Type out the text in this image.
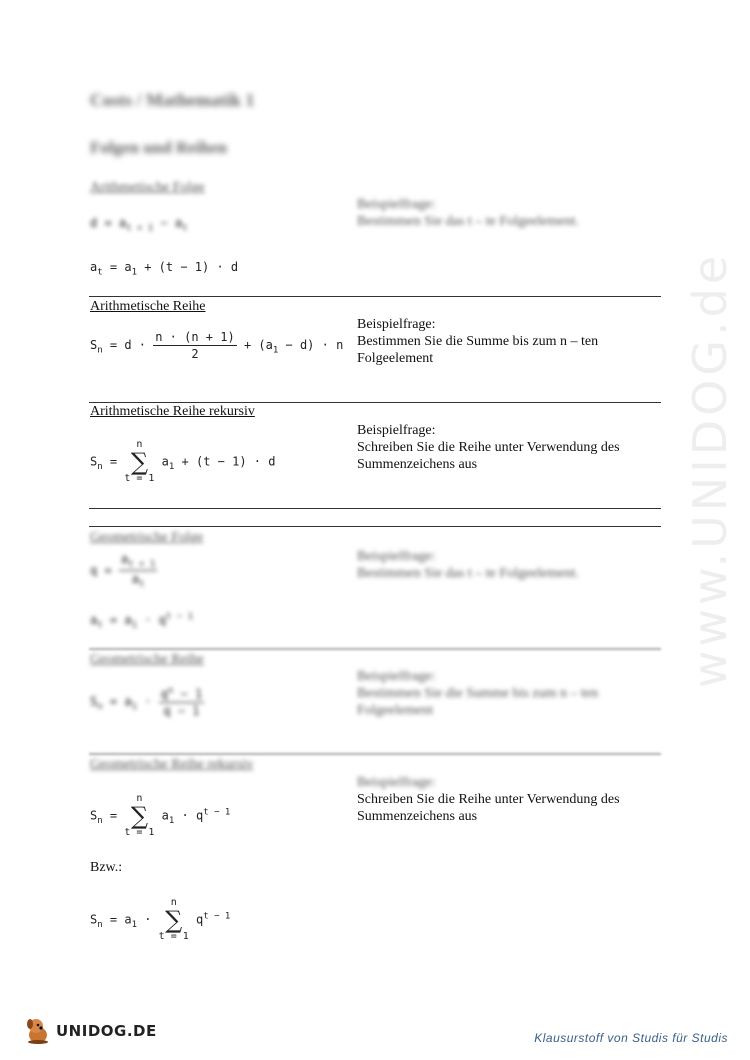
www.UNIDOG.de
Costs / Mathematik 1
Folgen und Reihen
Arithmetische Folge
Beispielfrage:
Bestimmen Sie das t – te Folgeelement.
$d = a_{t + 1} - a_t$
$a_t = a_1 + (t - 1) \cdot d$
Arithmetische Reihe
Beispielfrage:
Bestimmen Sie die Summe bis zum n – ten Folgeelement
$S_n = d \cdot \frac{n \cdot (n + 1)}{2} + (a_1 - d) \cdot n$
Arithmetische Reihe rekursiv
Beispielfrage:
Schreiben Sie die Reihe unter Verwendung des Summenzeichens aus
$S_n$ =
n
∑
t = 1
$a_1 + (t - 1) \cdot d$
Geometrische Folge
Beispielfrage:
Bestimmen Sie das t – te Folgeelement.
$q = \frac{a_{t + 1}}{a_t}$
$a_t = a_1 \cdot q^{t - 1}$
Geometrische Reihe
Beispielfrage:
Bestimmen Sie die Summe bis zum n – ten Folgeelement
$S_n = a_1 \cdot \frac{q^n - 1}{q - 1}$
Geometrische Reihe rekursiv
Beispielfrage:
Schreiben Sie die Reihe unter Verwendung des Summenzeichens aus
$S_n$ =
n
∑
t = 1
$a_1 \cdot q^{t - 1}$
Bzw.:
$S_n = a_1$ ·
n
∑
t = 1
$q^{t - 1}$
UNIDOG.DE	Klausurstoff von Studis für Studis
